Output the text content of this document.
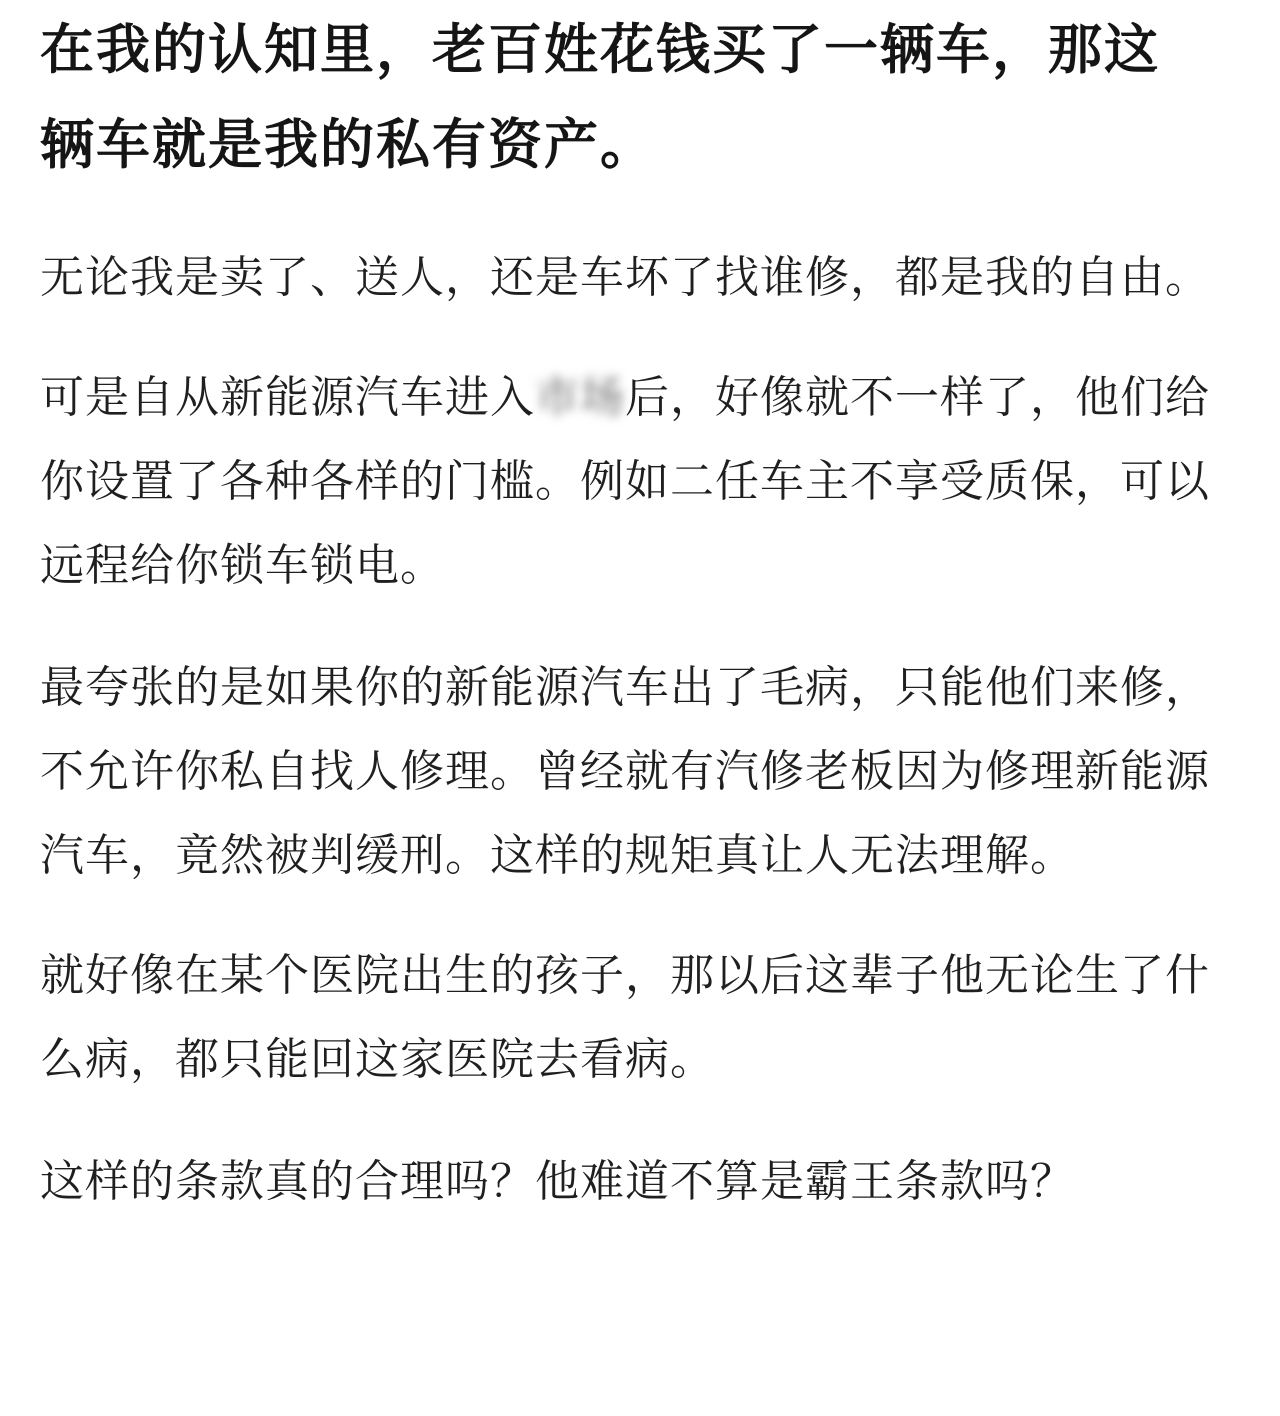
在我的认知里，老百姓花钱买了一辆车，那这辆车就是我的私有资产。

无论我是卖了、送人，还是车坏了找谁修，都是我的自由。

可是自从新能源汽车进入市场后，好像就不一样了，他们给你设置了各种各样的门槛。例如二任车主不享受质保，可以远程给你锁车锁电。

最夸张的是如果你的新能源汽车出了毛病，只能他们来修，不允许你私自找人修理。曾经就有汽修老板因为修理新能源汽车，竟然被判缓刑。这样的规矩真让人无法理解。

就好像在某个医院出生的孩子，那以后这辈子他无论生了什么病，都只能回这家医院去看病。

这样的条款真的合理吗？他难道不算是霸王条款吗？
